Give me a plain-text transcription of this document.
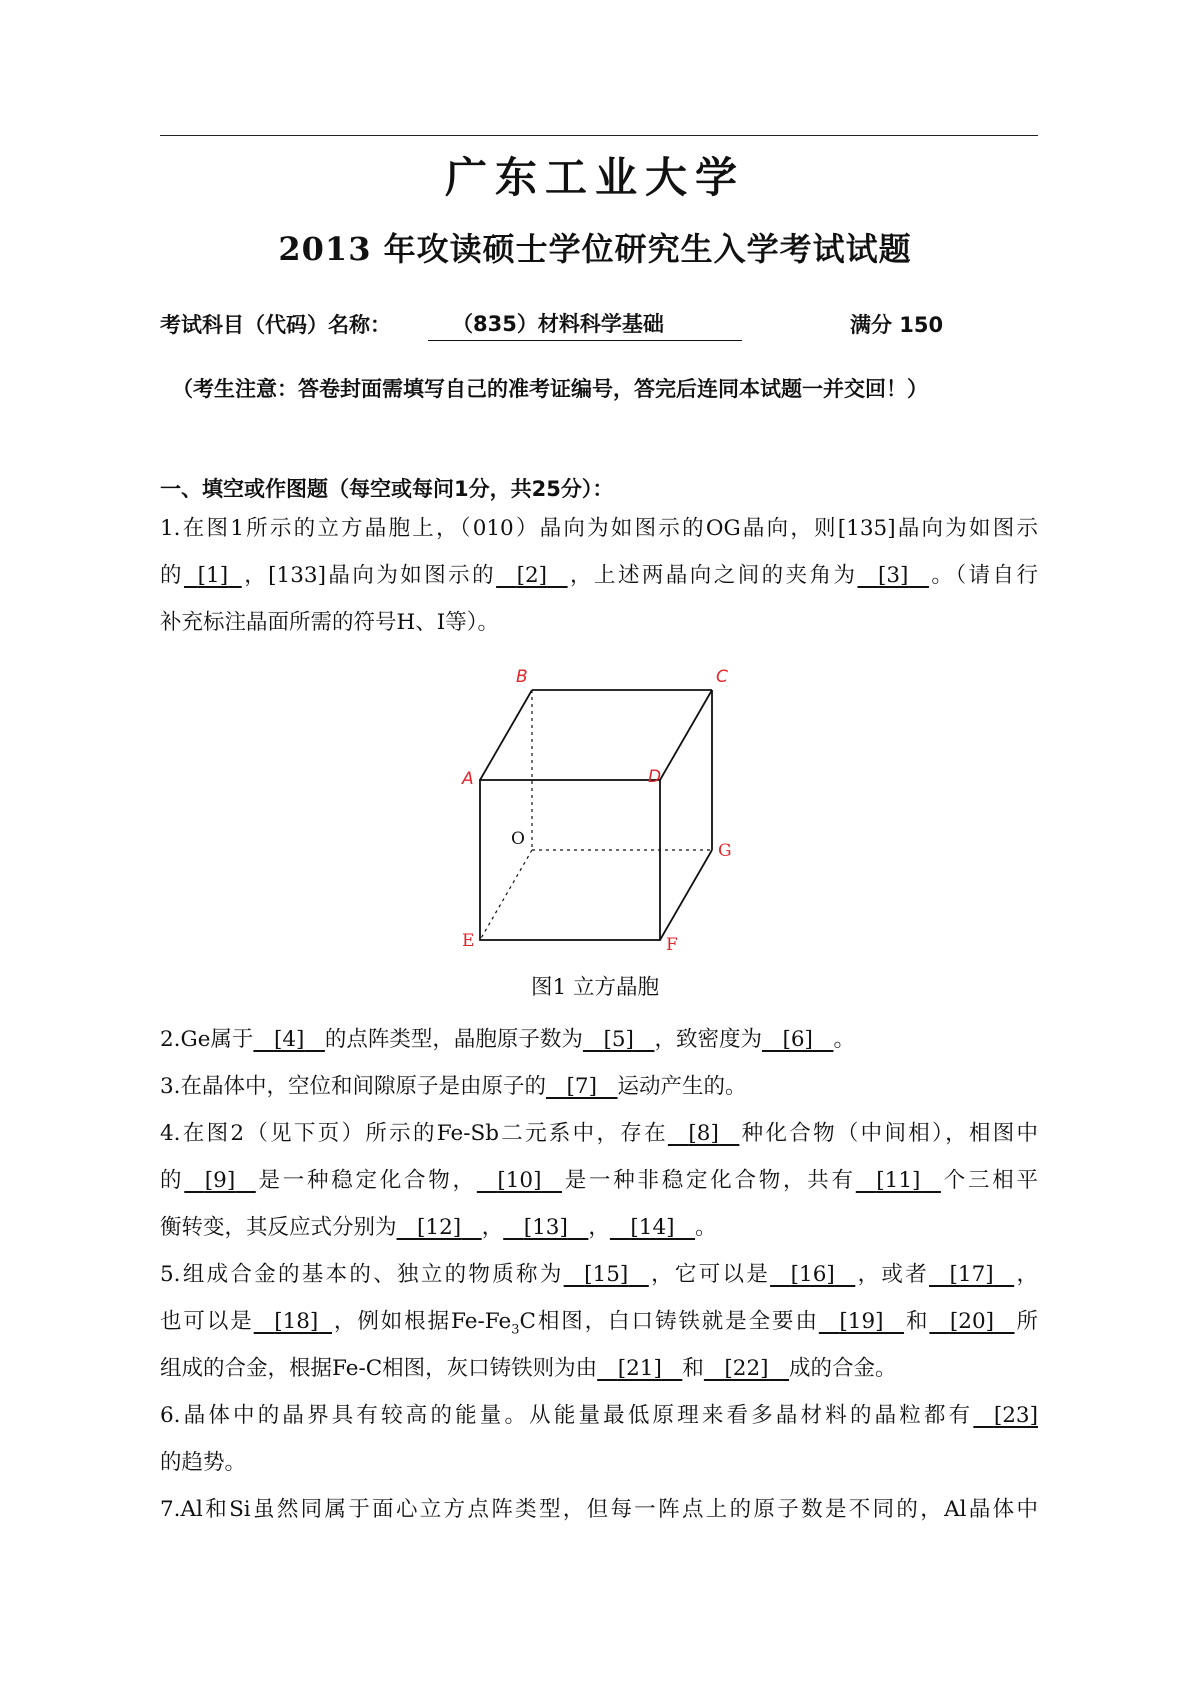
广东工业大学
2013 年攻读硕士学位研究生入学考试试题
考试科目（代码）名称：	（835）材料科学基础	满分 150
（考生注意：答卷封面需填写自己的准考证编号，答完后连同本试题一并交回！）
一、填空或作图题（每空或每问1分，共25分）：
1.在图1所示的立方晶胞上，（010）晶向为如图示的OG晶向，则[135]晶向为如图示
的 [1] ，[133]晶向为如图示的 [2] ，上述两晶向之间的夹角为 [3] 。（请自行
补充标注晶面所需的符号H、I等）。
B	C
A	D
O
G
E	F
图1 立方晶胞
2.Ge属于 [4] 的点阵类型，晶胞原子数为 [5] ，致密度为 [6] 。
3.在晶体中，空位和间隙原子是由原子的 [7] 运动产生的。
4.在图2（见下页）所示的Fe-Sb二元系中，存在 [8] 种化合物（中间相），相图中
的 [9] 是一种稳定化合物， [10] 是一种非稳定化合物，共有 [11] 个三相平
衡转变，其反应式分别为 [12] ， [13] ， [14] 。
5.组成合金的基本的、独立的物质称为 [15] ，它可以是 [16] ，或者 [17] ，
也可以是 [18] ，例如根据$Fe-Fe_3C$相图，白口铸铁就是全要由 [19] 和 [20] 所
组成的合金，根据Fe-C相图，灰口铸铁则为由 [21] 和 [22] 成的合金。
6.晶体中的晶界具有较高的能量。从能量最低原理来看多晶材料的晶粒都有 [23]
的趋势。
7.Al和Si虽然同属于面心立方点阵类型，但每一阵点上的原子数是不同的，Al晶体中
